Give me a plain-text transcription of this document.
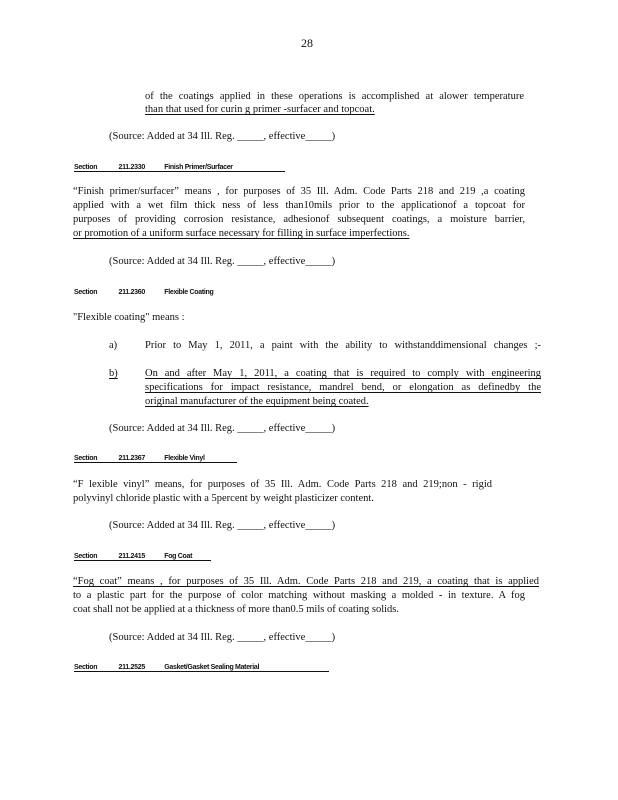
28
of the coatings applied in these operations is accomplished at alower temperature
than that used for curin g primer -surfacer and topcoat.
(Source: Added at 34 Ill. Reg. _____, effective_____)
Section	211.2330	Finish Primer/Surfacer
“Finish primer/surfacer” means , for purposes of 35 Ill. Adm. Code Parts 218 and 219 ,a coating
applied with a wet film thick ness of less than10mils prior to the applicationof a topcoat for
purposes of providing corrosion resistance, adhesionof subsequent coatings, a moisture barrier,
or promotion of a uniform surface necessary for filling in surface imperfections.
(Source: Added at 34 Ill. Reg. _____, effective_____)
Section	211.2360	Flexible Coating
"Flexible coating" means :
a)	Prior to May 1, 2011, a paint with the ability to withstanddimensional changes ;-
b)	On and after May 1, 2011, a coating that is required to comply with engineering
specifications for impact resistance, mandrel bend, or elongation as definedby the
original manufacturer of the equipment being coated.
(Source: Added at 34 Ill. Reg. _____, effective_____)
Section	211.2367	Flexible Vinyl
“F lexible vinyl” means, for purposes of 35 Ill. Adm. Code Parts 218 and 219;non - rigid
polyvinyl chloride plastic with a 5percent by weight plasticizer content.
(Source: Added at 34 Ill. Reg. _____, effective_____)
Section	211.2415	Fog Coat
“Fog coat” means , for purposes of 35 Ill. Adm. Code Parts 218 and 219, a coating that is applied
to a plastic part for the purpose of color matching without masking a molded - in texture. A fog
coat shall not be applied at a thickness of more than0.5 mils of coating solids.
(Source: Added at 34 Ill. Reg. _____, effective_____)
Section	211.2525	Gasket/Gasket Sealing Material
